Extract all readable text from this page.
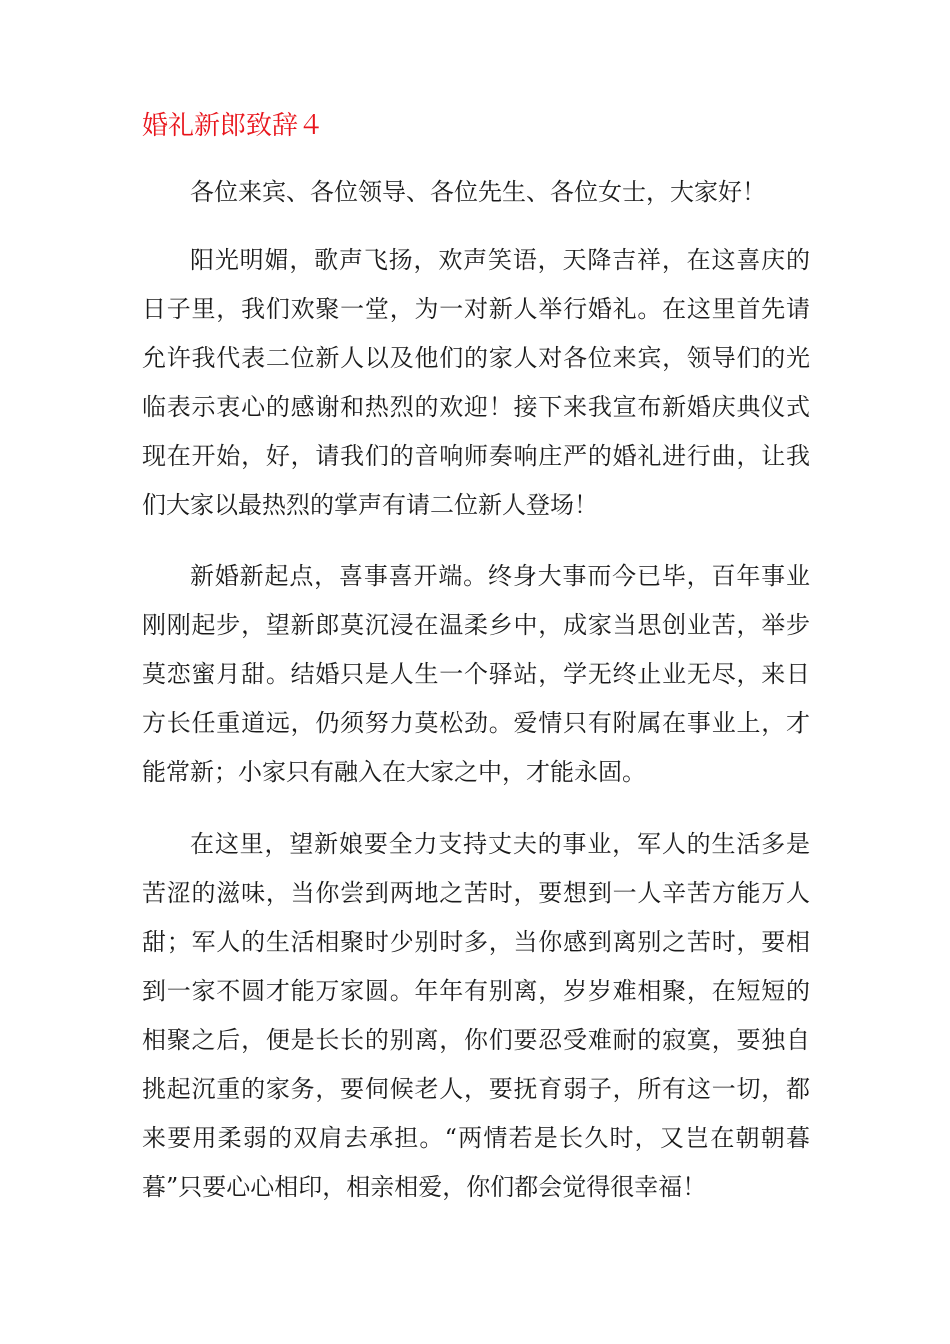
婚礼新郎致辞４

各位来宾、各位领导、各位先生、各位女士，大家好！

阳光明媚，歌声飞扬，欢声笑语，天降吉祥，在这喜庆的日子里，我们欢聚一堂，为一对新人举行婚礼。在这里首先请允许我代表二位新人以及他们的家人对各位来宾，领导们的光临表示衷心的感谢和热烈的欢迎！接下来我宣布新婚庆典仪式现在开始，好，请我们的音响师奏响庄严的婚礼进行曲，让我们大家以最热烈的掌声有请二位新人登场！

新婚新起点，喜事喜开端。终身大事而今已毕，百年事业刚刚起步，望新郎莫沉浸在温柔乡中，成家当思创业苦，举步莫恋蜜月甜。结婚只是人生一个驿站，学无终止业无尽，来日方长任重道远，仍须努力莫松劲。爱情只有附属在事业上，才能常新；小家只有融入在大家之中，才能永固。

在这里，望新娘要全力支持丈夫的事业，军人的生活多是苦涩的滋味，当你尝到两地之苦时，要想到一人辛苦方能万人甜；军人的生活相聚时少别时多，当你感到离别之苦时，要相到一家不圆才能万家圆。年年有别离，岁岁难相聚，在短短的相聚之后，便是长长的别离，你们要忍受难耐的寂寞，要独自挑起沉重的家务，要伺候老人，要抚育弱子，所有这一切，都来要用柔弱的双肩去承担。“两情若是长久时，又岂在朝朝暮暮”只要心心相印，相亲相爱，你们都会觉得很幸福！
